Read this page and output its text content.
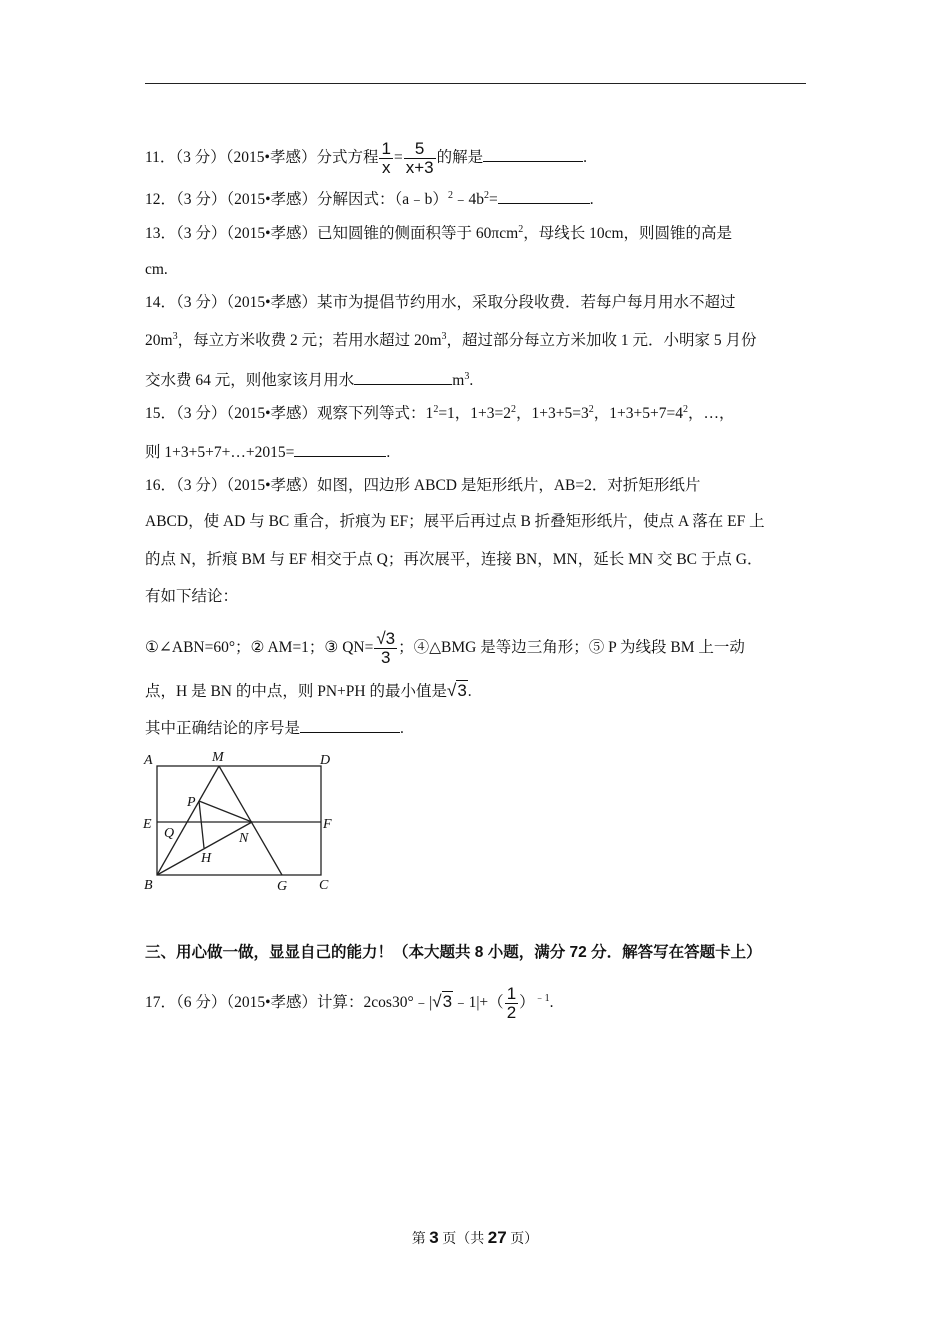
11．（3 分）（2015•孝感）分式方程 $\frac{1}{x} = \frac{5}{x+3}$ 的解是	.
12．（3 分）（2015•孝感）分解因式：$(a﹣b)^2﹣4b^2=$	.
13．（3 分）（2015•孝感）已知圆锥的侧面积等于 60πcm$^2$，母线长 10cm，则圆锥的高是
cm.
14．（3 分）（2015•孝感）某市为提倡节约用水，采取分段收费．若每户每月用水不超过
$20m^3$，每立方米收费 2 元；若用水超过 $20m^3$，超过部分每立方米加收 1 元．小明家 5 月份
交水费 64 元，则他家该月用水	$m^3$.
15．（3 分）（2015•孝感）观察下列等式：$1^2=1$，$1+3=2^2$，$1+3+5=3^2$，$1+3+5+7=4^2$，…，
则 1+3+5+7+…+2015=	.
16．（3 分）（2015•孝感）如图，四边形 ABCD 是矩形纸片，AB=2．对折矩形纸片
ABCD，使 AD 与 BC 重合，折痕为 EF；展平后再过点 B 折叠矩形纸片，使点 A 落在 EF 上
的点 N，折痕 BM 与 EF 相交于点 Q；再次展平，连接 BN，MN，延长 MN 交 BC 于点 G．
有如下结论：
①∠ABN=60°；② AM=1；③ $QN= \frac{√3}{3}$ ；④△BMG 是等边三角形；⑤ P 为线段 BM 上一动
点，H 是 BN 的中点，则 PN+PH 的最小值是√3.
其中正确结论的序号是	.
A	M	D
P
E
Q	N
F
H
B	G C
三、用心做一做，显显自己的能力！（本大题共 8 小题，满分 72 分．解答写在答题卡上）
17．（6 分）（2015•孝感）计算：2cos30°﹣|√3﹣1|+（ $\frac{1}{2} )^{﹣1}$.
第 3 页（共 27 页）
